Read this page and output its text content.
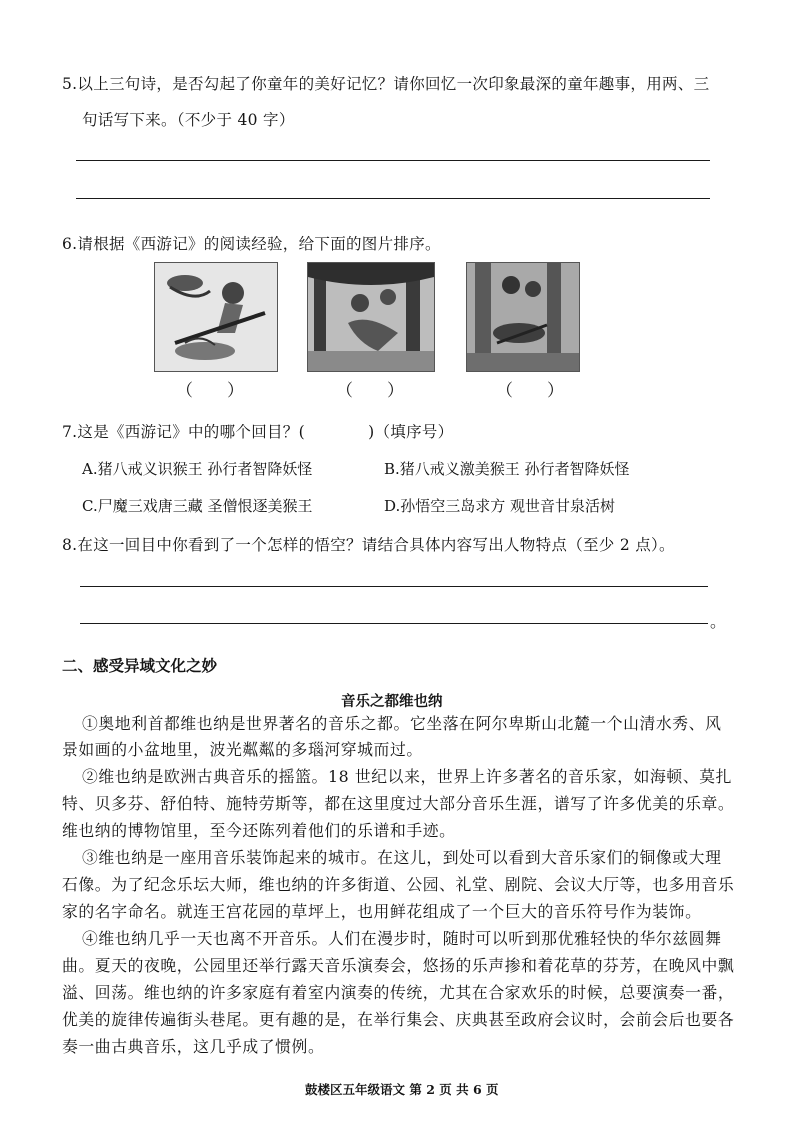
5.以上三句诗，是否勾起了你童年的美好记忆？请你回忆一次印象最深的童年趣事，用两、三
句话写下来。（不少于 40 字）
6.请根据《西游记》的阅读经验，给下面的图片排序。
（　　）	（　　）	（　　）
7.这是《西游记》中的哪个回目？(　　　　)（填序号）
A.猪八戒义识猴王 孙行者智降妖怪	B.猪八戒义激美猴王 孙行者智降妖怪
C.尸魔三戏唐三藏 圣僧恨逐美猴王	D.孙悟空三岛求方 观世音甘泉活树
8.在这一回目中你看到了一个怎样的悟空？请结合具体内容写出人物特点（至少 2 点）。
。
二、感受异域文化之妙
音乐之都维也纳
①奥地利首都维也纳是世界著名的音乐之都。它坐落在阿尔卑斯山北麓一个山清水秀、风
景如画的小盆地里，波光粼粼的多瑙河穿城而过。
②维也纳是欧洲古典音乐的摇篮。18 世纪以来，世界上许多著名的音乐家，如海顿、莫扎
特、贝多芬、舒伯特、施特劳斯等，都在这里度过大部分音乐生涯，谱写了许多优美的乐章。
维也纳的博物馆里，至今还陈列着他们的乐谱和手迹。
③维也纳是一座用音乐装饰起来的城市。在这儿，到处可以看到大音乐家们的铜像或大理
石像。为了纪念乐坛大师，维也纳的许多街道、公园、礼堂、剧院、会议大厅等，也多用音乐
家的名字命名。就连王宫花园的草坪上，也用鲜花组成了一个巨大的音乐符号作为装饰。
④维也纳几乎一天也离不开音乐。人们在漫步时，随时可以听到那优雅轻快的华尔兹圆舞
曲。夏天的夜晚，公园里还举行露天音乐演奏会，悠扬的乐声掺和着花草的芬芳，在晚风中飘
溢、回荡。维也纳的许多家庭有着室内演奏的传统，尤其在合家欢乐的时候，总要演奏一番，
优美的旋律传遍街头巷尾。更有趣的是，在举行集会、庆典甚至政府会议时，会前会后也要各
奏一曲古典音乐，这几乎成了惯例。
鼓楼区五年级语文 第 2 页 共 6 页
